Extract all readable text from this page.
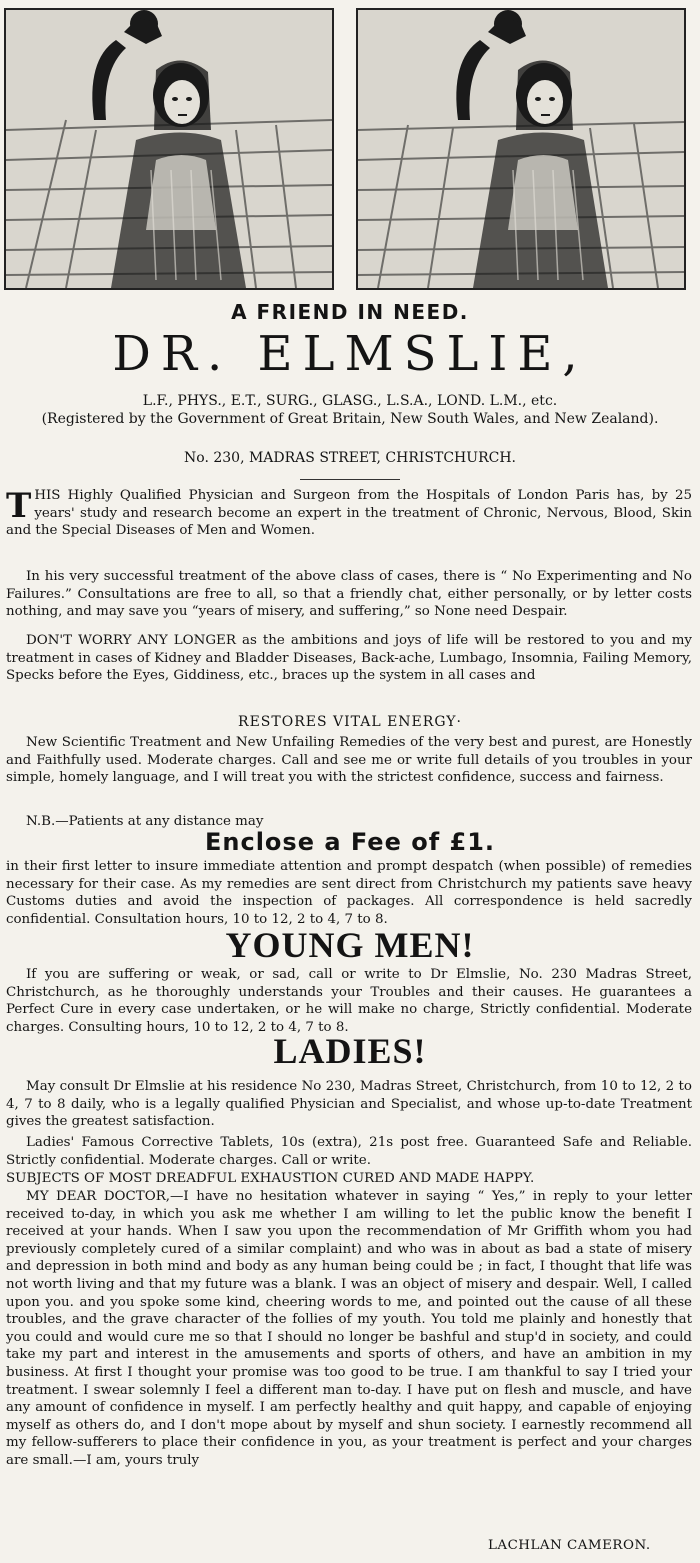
A FRIEND IN NEED.
DR. ELMSLIE,
L.F., PHYS., E.T., SURG., GLASG., L.S.A., LOND. L.M., etc.
(Registered by the Government of Great Britain, New South Wales, and New Zealand).
No. 230, MADRAS STREET, CHRISTCHURCH.

THIS Highly Qualified Physician and Surgeon from the Hospitals of London Paris has, by 25 years' study and research become an expert in the treatment of Chronic, Nervous, Blood, Skin and the Special Diseases of Men and Women.

In his very successful treatment of the above class of cases, there is “ No Experimenting and No Failures.” Consultations are free to all, so that a friendly chat, either personally, or by letter costs nothing, and may save you “years of misery, and suffering,” so None need Despair.

DON'T WORRY ANY LONGER as the ambitions and joys of life will be restored to you and my treatment in cases of Kidney and Bladder Diseases, Back-ache, Lumbago, Insomnia, Failing Memory, Specks before the Eyes, Giddiness, etc., braces up the system in all cases and

RESTORES VITAL ENERGY·

New Scientific Treatment and New Unfailing Remedies of the very best and purest, are Honestly and Faithfully used. Moderate charges. Call and see me or write full details of you troubles in your simple, homely language, and I will treat you with the strictest confidence, success and fairness.

N.B.—Patients at any distance may
Enclose a Fee of £1.

in their first letter to insure immediate attention and prompt despatch (when possible) of remedies necessary for their case. As my remedies are sent direct from Christchurch my patients save heavy Customs duties and avoid the inspection of packages. All correspondence is held sacredly confidential. Consultation hours, 10 to 12, 2 to 4, 7 to 8.

YOUNG MEN!

If you are suffering or weak, or sad, call or write to Dr Elmslie, No. 230 Madras Street, Christchurch, as he thoroughly understands your Troubles and their causes. He guarantees a Perfect Cure in every case undertaken, or he will make no charge, Strictly confidential. Moderate charges. Consulting hours, 10 to 12, 2 to 4, 7 to 8.

LADIES!

May consult Dr Elmslie at his residence No 230, Madras Street, Christchurch, from 10 to 12, 2 to 4, 7 to 8 daily, who is a legally qualified Physician and Specialist, and whose up-to-date Treatment gives the greatest satisfaction.

Ladies' Famous Corrective Tablets, 10s (extra), 21s post free. Guaranteed Safe and Reliable. Strictly confidential. Moderate charges. Call or write.

SUBJECTS OF MOST DREADFUL EXHAUSTION CURED AND MADE HAPPY.

MY DEAR DOCTOR,—I have no hesitation whatever in saying “ Yes,” in reply to your letter received to-day, in which you ask me whether I am willing to let the public know the benefit I received at your hands. When I saw you upon the recommendation of Mr Griffith whom you had previously completely cured of a similar complaint) and who was in about as bad a state of misery and depression in both mind and body as any human being could be ; in fact, I thought that life was not worth living and that my future was a blank. I was an object of misery and despair. Well, I called upon you. and you spoke some kind, cheering words to me, and pointed out the cause of all these troubles, and the grave character of the follies of my youth. You told me plainly and honestly that you could and would cure me so that I should no longer be bashful and stup'd in society, and could take my part and interest in the amusements and sports of others, and have an ambition in my business. At first I thought your promise was too good to be true. I am thankful to say I tried your treatment. I swear solemnly I feel a different man to-day. I have put on flesh and muscle, and have any amount of confidence in myself. I am perfectly healthy and quit happy, and capable of enjoying myself as others do, and I don't mope about by myself and shun society. I earnestly recommend all my fellow-sufferers to place their confidence in you, as your treatment is perfect and your charges are small.—I am, yours truly

LACHLAN CAMERON.
